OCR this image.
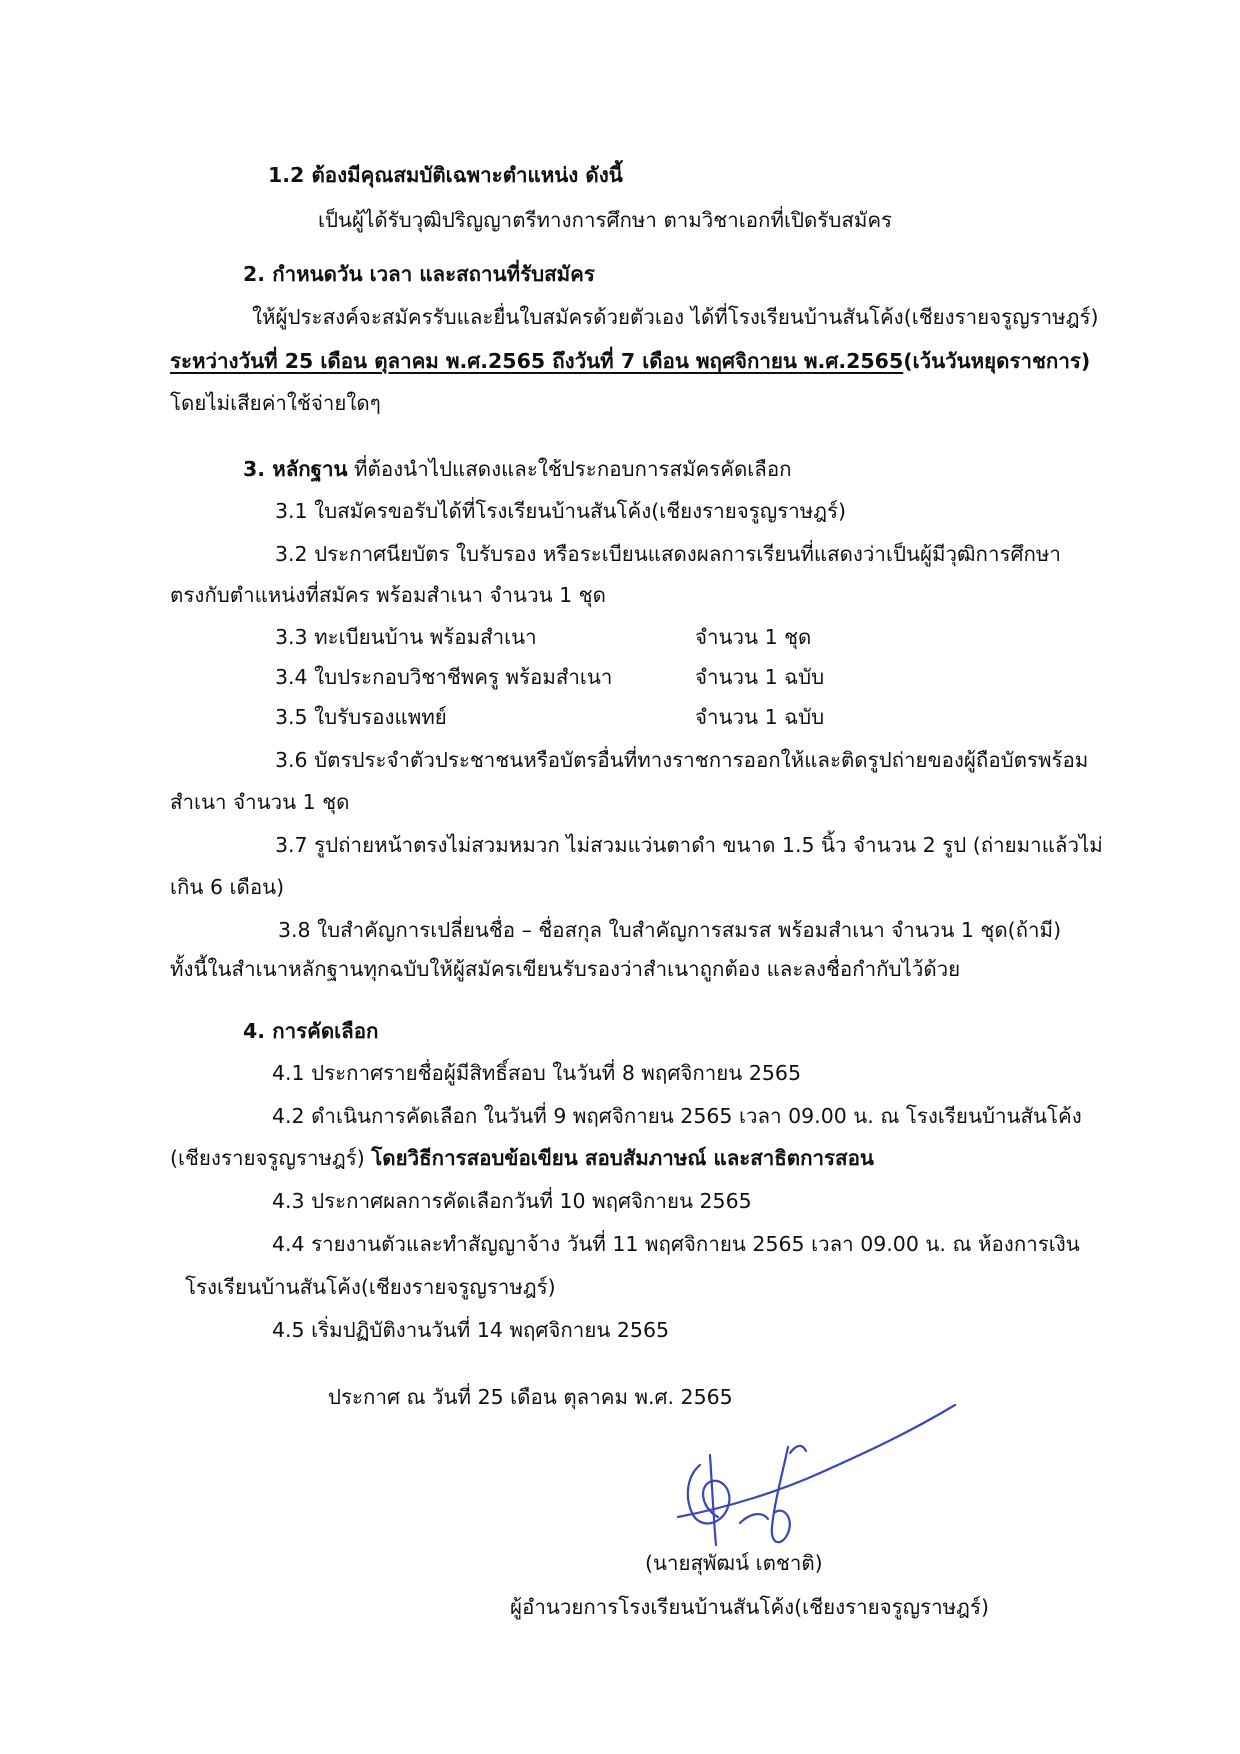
1.2 ต้องมีคุณสมบัติเฉพาะตำแหน่ง ดังนี้
เป็นผู้ได้รับวุฒิปริญญาตรีทางการศึกษา ตามวิชาเอกที่เปิดรับสมัคร
2. กำหนดวัน เวลา และสถานที่รับสมัคร
ให้ผู้ประสงค์จะสมัครรับและยื่นใบสมัครด้วยตัวเอง ได้ที่โรงเรียนบ้านสันโค้ง(เชียงรายจรูญราษฎร์)
ระหว่างวันที่ 25 เดือน ตุลาคม พ.ศ.2565 ถึงวันที่ 7 เดือน พฤศจิกายน พ.ศ.2565(เว้นวันหยุดราชการ)
โดยไม่เสียค่าใช้จ่ายใดๆ
3. หลักฐาน ที่ต้องนำไปแสดงและใช้ประกอบการสมัครคัดเลือก
3.1 ใบสมัครขอรับได้ที่โรงเรียนบ้านสันโค้ง(เชียงรายจรูญราษฎร์)
3.2 ประกาศนียบัตร ใบรับรอง หรือระเบียนแสดงผลการเรียนที่แสดงว่าเป็นผู้มีวุฒิการศึกษา
ตรงกับตำแหน่งที่สมัคร พร้อมสำเนา จำนวน 1 ชุด
3.3 ทะเบียนบ้าน พร้อมสำเนา	จำนวน 1 ชุด
3.4 ใบประกอบวิชาชีพครู พร้อมสำเนา	จำนวน 1 ฉบับ
3.5 ใบรับรองแพทย์	จำนวน 1 ฉบับ
3.6 บัตรประจำตัวประชาชนหรือบัตรอื่นที่ทางราชการออกให้และติดรูปถ่ายของผู้ถือบัตรพร้อม
สำเนา จำนวน 1 ชุด
3.7 รูปถ่ายหน้าตรงไม่สวมหมวก ไม่สวมแว่นตาดำ ขนาด 1.5 นิ้ว จำนวน 2 รูป (ถ่ายมาแล้วไม่
เกิน 6 เดือน)
3.8 ใบสำคัญการเปลี่ยนชื่อ – ชื่อสกุล ใบสำคัญการสมรส พร้อมสำเนา จำนวน 1 ชุด(ถ้ามี)
ทั้งนี้ในสำเนาหลักฐานทุกฉบับให้ผู้สมัครเขียนรับรองว่าสำเนาถูกต้อง และลงชื่อกำกับไว้ด้วย
4. การคัดเลือก
4.1 ประกาศรายชื่อผู้มีสิทธิ์สอบ ในวันที่ 8 พฤศจิกายน 2565
4.2 ดำเนินการคัดเลือก ในวันที่ 9 พฤศจิกายน 2565 เวลา 09.00 น. ณ โรงเรียนบ้านสันโค้ง
(เชียงรายจรูญราษฎร์) โดยวิธีการสอบข้อเขียน สอบสัมภาษณ์ และสาธิตการสอน
4.3 ประกาศผลการคัดเลือกวันที่ 10 พฤศจิกายน 2565
4.4 รายงานตัวและทำสัญญาจ้าง วันที่ 11 พฤศจิกายน 2565 เวลา 09.00 น. ณ ห้องการเงิน
โรงเรียนบ้านสันโค้ง(เชียงรายจรูญราษฎร์)
4.5 เริ่มปฏิบัติงานวันที่ 14 พฤศจิกายน 2565
ประกาศ ณ วันที่ 25 เดือน ตุลาคม พ.ศ. 2565
(นายสุพัฒน์ เตชาติ)
ผู้อำนวยการโรงเรียนบ้านสันโค้ง(เชียงรายจรูญราษฎร์)
